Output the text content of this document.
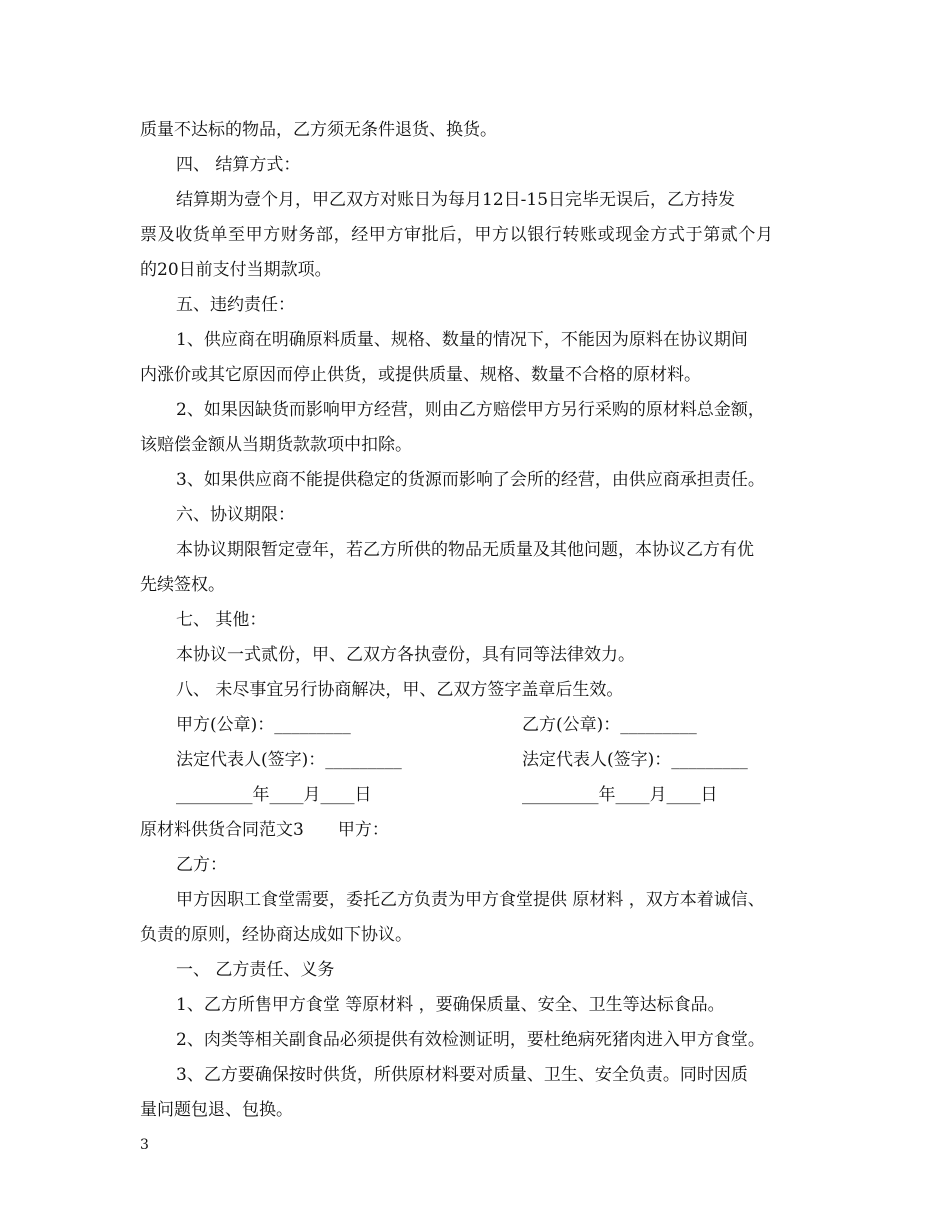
质量不达标的物品，乙方须无条件退货、换货。
四、 结算方式：
结算期为壹个月，甲乙双方对账日为每月12日-15日完毕无误后，乙方持发
票及收货单至甲方财务部，经甲方审批后，甲方以银行转账或现金方式于第贰个月
的20日前支付当期款项。
五、违约责任：
1、供应商在明确原料质量、规格、数量的情况下，不能因为原料在协议期间
内涨价或其它原因而停止供货，或提供质量、规格、数量不合格的原材料。
2、如果因缺货而影响甲方经营，则由乙方赔偿甲方另行采购的原材料总金额，
该赔偿金额从当期货款款项中扣除。
3、如果供应商不能提供稳定的货源而影响了会所的经营，由供应商承担责任。
六、协议期限：
本协议期限暂定壹年，若乙方所供的物品无质量及其他问题，本协议乙方有优
先续签权。
七、 其他：
本协议一式贰份，甲、乙双方各执壹份，具有同等法律效力。
八、 未尽事宜另行协商解决，甲、乙双方签字盖章后生效。
甲方(公章)：_________	乙方(公章)：_________
法定代表人(签字)：_________	法定代表人(签字)：_________
_________年____月____日	_________年____月____日
原材料供货合同范文3　　甲方：
乙方：
甲方因职工食堂需要，委托乙方负责为甲方食堂提供 原材料 ，双方本着诚信、
负责的原则，经协商达成如下协议。
一、 乙方责任、义务
1、乙方所售甲方食堂 等原材料 ，要确保质量、安全、卫生等达标食品。
2、肉类等相关副食品必须提供有效检测证明，要杜绝病死猪肉进入甲方食堂。
3、乙方要确保按时供货，所供原材料要对质量、卫生、安全负责。同时因质
量问题包退、包换。
3
